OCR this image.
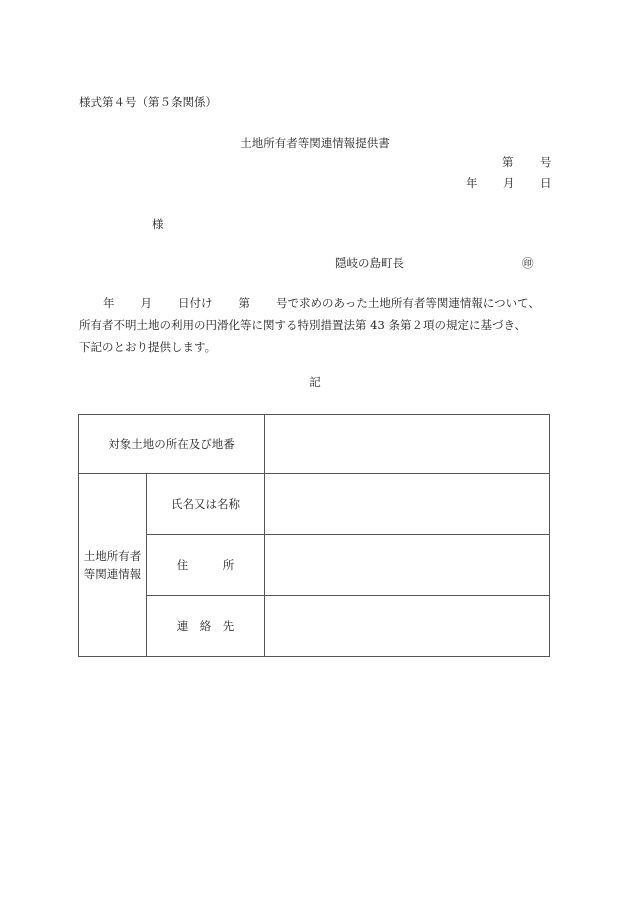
様式第４号（第５条関係）
土地所有者等関連情報提供書
第 号
年 月 日
様
隠岐の島町長	㊞
年 月 日付け 第 号で求めのあった土地所有者等関連情報について、
所有者不明土地の利用の円滑化等に関する特別措置法第 43 条第２項の規定に基づき、
下記のとおり提供します。
記
対象土地の所在及び地番		
土地所有者
等関連情報	氏名又は名称	
	住　　　所	
	連　絡　先	
